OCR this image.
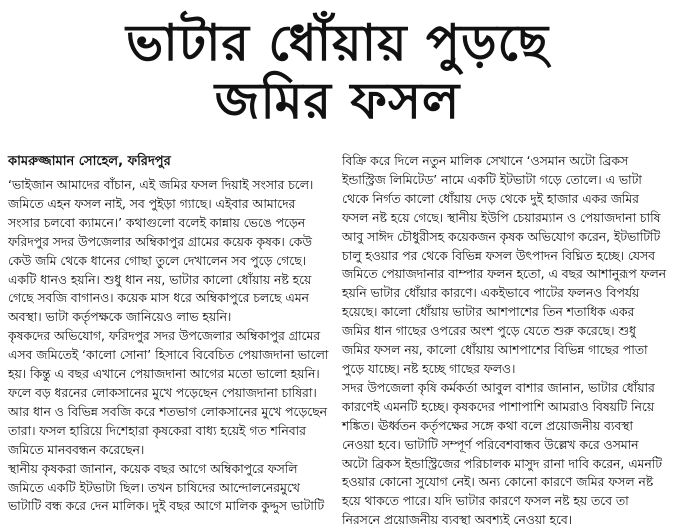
ভাটার ধোঁয়ায় পুড়ছে
জমির ফসল
কামরুজ্জামান সোহেল, ফরিদপুর
‘ভাইজান আমাদের বাঁচান, এই জমির ফসল দিয়াই সংসার চলে।
জমিতে এহন ফসল নাই, সব পুইড়া গ্যাছে। এইবার আমাদের
সংসার চলবো ক্যামনে।’ কথাগুলো বলেই কান্নায় ভেঙে পড়েন
ফরিদপুর সদর উপজেলার অম্বিকাপুর গ্রামের কয়েক কৃষক। কেউ
কেউ জমি থেকে ধানের গোছা তুলে দেখালেন সব পুড়ে গেছে।
একটি ধানও হয়নি। শুধু ধান নয়, ভাটার কালো ধোঁয়ায় নষ্ট হয়ে
গেছে সবজি বাগানও। কয়েক মাস ধরে অম্বিকাপুরে চলছে এমন
অবস্থা। ভাটা কর্তৃপক্ষকে জানিয়েও লাভ হয়নি।
কৃষকদের অভিযোগ, ফরিদপুর সদর উপজেলার অম্বিকাপুর গ্রামের
এসব জমিতেই ‘কালো সোনা’ হিসাবে বিবেচিত পেয়াজদানা ভালো
হয়। কিন্তু এ বছর এখানে পেয়াজদানা আগের মতো ভালো হয়নি।
ফলে বড় ধরনের লোকসানের মুখে পড়েছেন পেয়াজদানা চাষিরা।
আর ধান ও বিভিন্ন সবজি করে শতভাগ লোকসানের মুখে পড়েছেন
তারা। ফসল হারিয়ে দিশেহারা কৃষকেরা বাধ্য হয়েই গত শনিবার
জমিতে মানববন্ধন করেছেন।
স্থানীয় কৃষকরা জানান, কয়েক বছর আগে অম্বিকাপুরে ফসলি
জমিতে একটি ইটভাটা ছিল। তখন চাষিদের আন্দোলনেরমুখে
ভাটাটি বন্ধ করে দেন মালিক। দুই বছর আগে মালিক কুদ্দুস ভাটাটি
বিক্রি করে দিলে নতুন মালিক সেখানে ‘ওসমান অটো ব্রিকস
ইন্ডাস্ট্রিজ লিমিটেড’ নামে একটি ইটভাটা গড়ে তোলে। এ ভাটা
থেকে নির্গত কালো ধোঁয়ায় দেড় থেকে দুই হাজার একর জমির
ফসল নষ্ট হয়ে গেছে। স্থানীয় ইউপি চেয়ারম্যান ও পেয়াজদানা চাষি
আবু সাঈদ চৌধুরীসহ কয়েকজন কৃষক অভিযোগ করেন, ইটভাটিটি
চালু হওয়ার পর থেকে বিভিন্ন ফসল উৎপাদন বিঘ্নিত হচ্ছে। যেসব
জমিতে পেয়াজদানার বাম্পার ফলন হতো, এ বছর আশানুরূপ ফলন
হয়নি ভাটার ধোঁয়ার কারণে। একইভাবে পাটের ফলনও বিপর্যয়
হয়েছে। কালো ধোঁয়ায় ভাটার আশপাশের তিন শতাধিক একর
জমির ধান গাছের ওপরের অংশ পুড়ে যেতে শুরু করেছে। শুধু
জমির ফসল নয়, কালো ধোঁয়ায় আশপাশের বিভিন্ন গাছের পাতা
পুড়ে যাচ্ছে। নষ্ট হচ্ছে গাছের ফলও।
সদর উপজেলা কৃষি কর্মকর্তা আবুল বাশার জানান, ভাটার ধোঁয়ার
কারণেই এমনটি হচ্ছে। কৃষকদের পাশাপাশি আমরাও বিষয়টি নিয়ে
শঙ্কিত। ঊর্ধ্বতন কর্তৃপক্ষের সঙ্গে কথা বলে প্রয়োজনীয় ব্যবস্থা
নেওয়া হবে। ভাটাটি সম্পূর্ণ পরিবেশবান্ধব উল্লেখ করে ওসমান
অটো ব্রিকস ইন্ডাস্ট্রিজের পরিচালক মাসুদ রানা দাবি করেন, এমনটি
হওয়ার কোনো সুযোগ নেই। অন্য কোনো কারণে জমির ফসল নষ্ট
হয়ে থাকতে পারে। যদি ভাটার কারণে ফসল নষ্ট হয় তবে তা
নিরসনে প্রয়োজনীয় ব্যবস্থা অবশ্যই নেওয়া হবে।
